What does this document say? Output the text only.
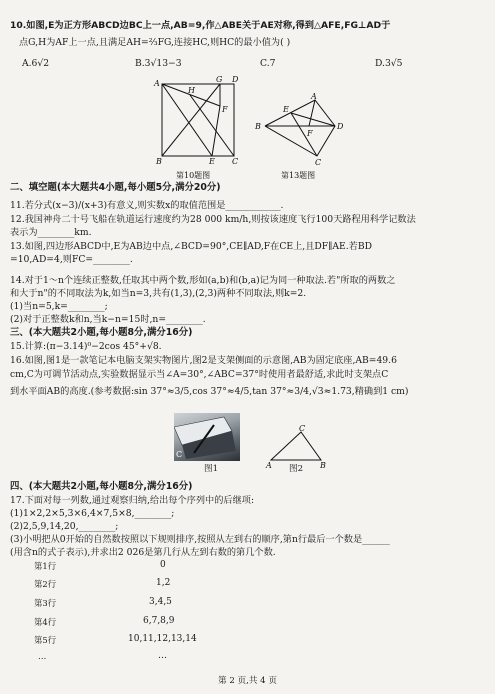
10.如图,E为正方形ABCD边BC上一点,AB=9,作△ABE关于AE对称,得到△AFE,FG⊥AD于
点G,H为AF上一点,且满足AH=⅔FG,连接HC,则HC的最小值为( )
A.6√2	B.3√13−3	C.7	D.3√5
A
H
G D
F
B	E C
第10题图
A
B	D
C
E
F
第13题图
二、填空题(本大题共4小题,每小题5分,满分20分)
11.若分式(x−3)/(x+3)有意义,则实数x的取值范围是____________.
12.我国神舟二十号飞船在轨道运行速度约为28 000 km/h,则按该速度飞行100天路程用科学记数法
表示为________km.
13.如图,四边形ABCD中,E为AB边中点,∠BCD=90°,CE∥AD,F在CE上,且DF∥AE.若BD
=10,AD=4,则FC=________.
14.对于1～n个连续正整数,任取其中两个数,形如(a,b)和(b,a)记为同一种取法.若"所取的两数之
和大于n"的不同取法为k,如当n=3,共有(1,3),(2,3)两种不同取法,则k=2.
(1)当n=5,k=________;
(2)对于正整数k和n,当k−n=15时,n=________.
三、(本大题共2小题,每小题8分,满分16分)
15.计算:(π−3.14)⁰−2cos 45°+√8.
16.如图,图1是一款笔记本电脑支架实物图片,图2是支架侧面的示意图,AB为固定底座,AB=49.6
cm,C为可调节活动点,实验数据显示当∠A=30°,∠ABC=37°时使用者最舒适,求此时支架点C
到水平面AB的高度.(参考数据:sin 37°≈3/5,cos 37°≈4/5,tan 37°≈3/4,√3≈1.73,精确到1 cm)
C
图1	A
C
B
图2
四、(本大题共2小题,每小题8分,满分16分)
17.下面对每一列数,通过观察归纳,给出每个序列中的后继项:
(1)1×2,2×5,3×6,4×7,5×8,________;
(2)2,5,9,14,20,________;
(3)小明把从0开始的自然数按照以下规则排序,按照从左到右的顺序,第n行最后一个数是______
(用含n的式子表示),并求出2 026是第几行从左到右数的第几个数.
第1行	0
第2行	1,2
第3行	3,4,5
第4行	6,7,8,9
第5行	10,11,12,13,14
…	…
第 2 页,共 4 页
